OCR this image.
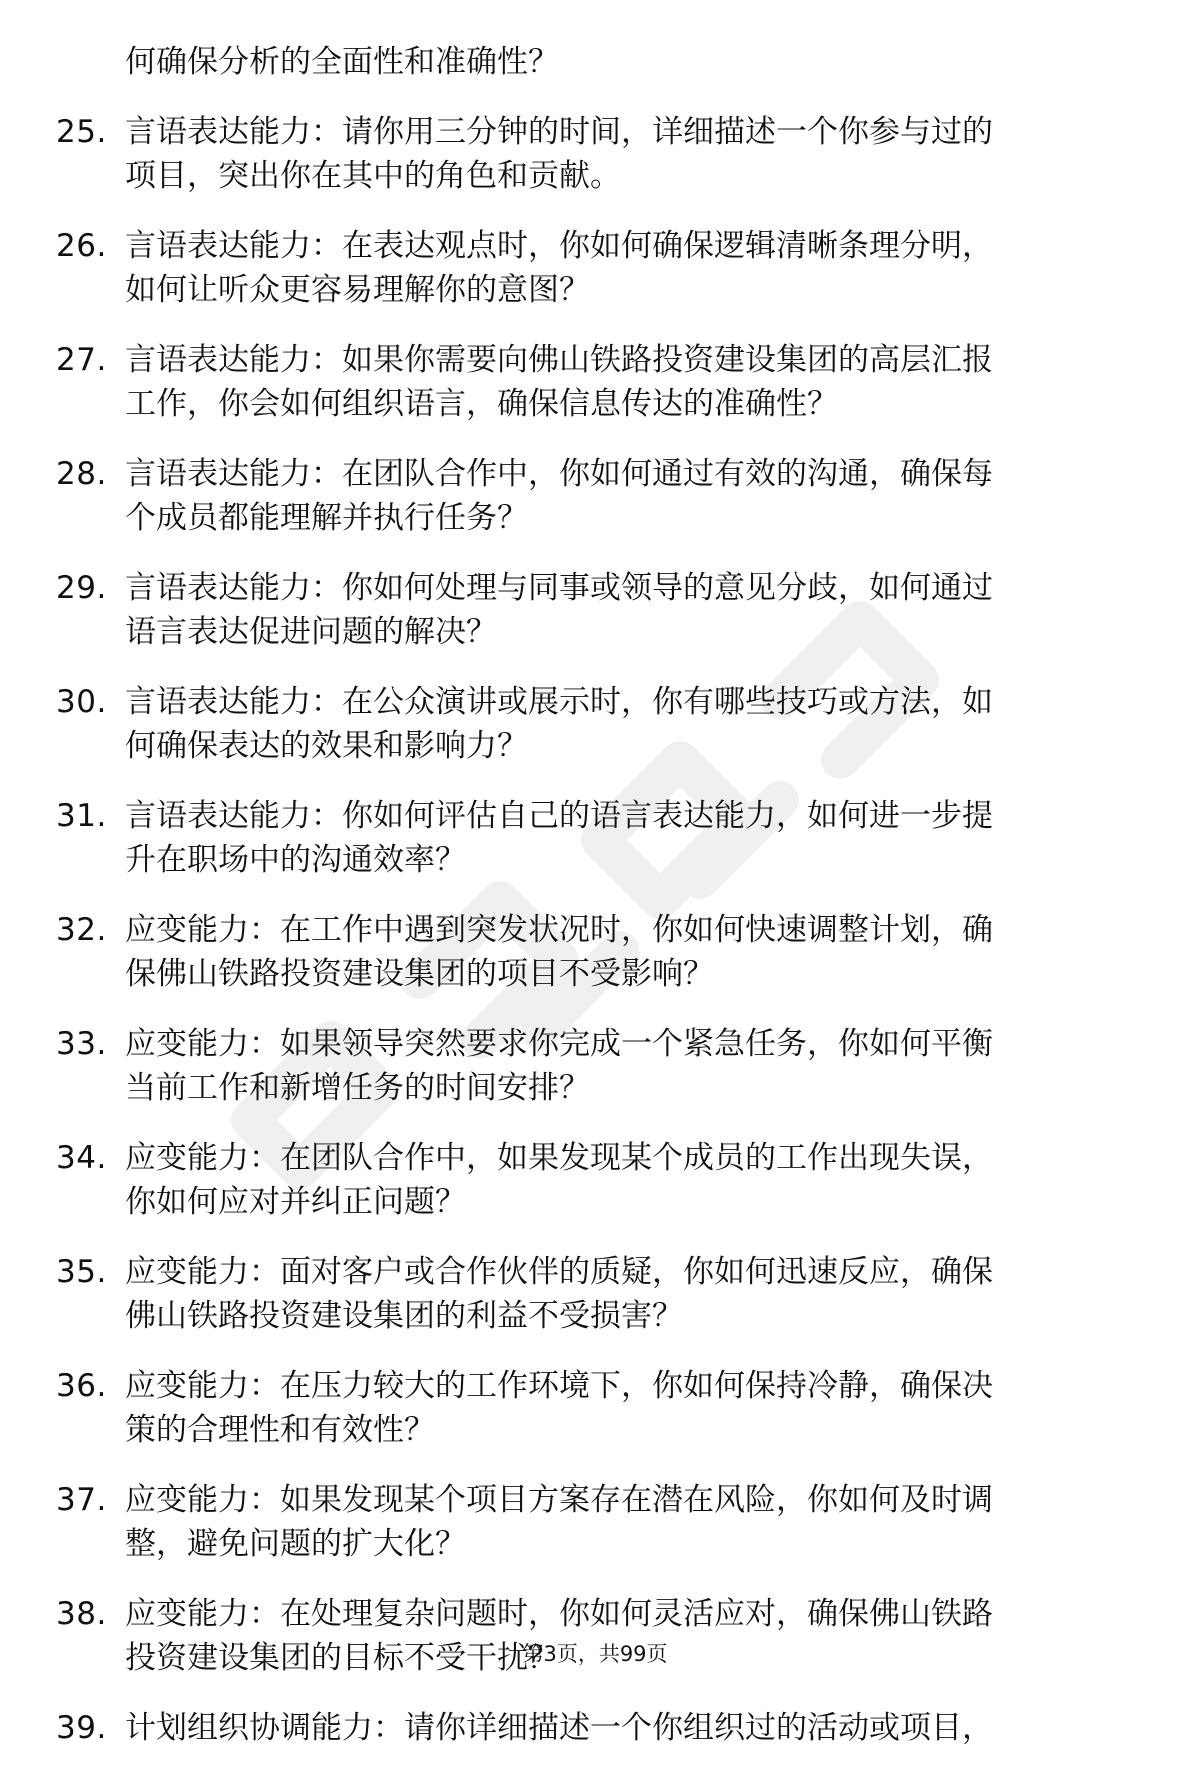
何确保分析的全面性和准确性？
25. 言语表达能力：请你用三分钟的时间，详细描述一个你参与过的
项目，突出你在其中的角色和贡献。
26. 言语表达能力：在表达观点时，你如何确保逻辑清晰条理分明，
如何让听众更容易理解你的意图？
27. 言语表达能力：如果你需要向佛山铁路投资建设集团的高层汇报
工作，你会如何组织语言，确保信息传达的准确性？
28. 言语表达能力：在团队合作中，你如何通过有效的沟通，确保每
个成员都能理解并执行任务？
29. 言语表达能力：你如何处理与同事或领导的意见分歧，如何通过
语言表达促进问题的解决？
30. 言语表达能力：在公众演讲或展示时，你有哪些技巧或方法，如
何确保表达的效果和影响力？
31. 言语表达能力：你如何评估自己的语言表达能力，如何进一步提
升在职场中的沟通效率？
32. 应变能力：在工作中遇到突发状况时，你如何快速调整计划，确
保佛山铁路投资建设集团的项目不受影响？
33. 应变能力：如果领导突然要求你完成一个紧急任务，你如何平衡
当前工作和新增任务的时间安排？
34. 应变能力：在团队合作中，如果发现某个成员的工作出现失误，
你如何应对并纠正问题？
35. 应变能力：面对客户或合作伙伴的质疑，你如何迅速反应，确保
佛山铁路投资建设集团的利益不受损害？
36. 应变能力：在压力较大的工作环境下，你如何保持冷静，确保决
策的合理性和有效性？
37. 应变能力：如果发现某个项目方案存在潜在风险，你如何及时调
整，避免问题的扩大化？
38. 应变能力：在处理复杂问题时，你如何灵活应对，确保佛山铁路
投资建设集团的目标不受干扰？
39. 计划组织协调能力：请你详细描述一个你组织过的活动或项目，
第3页，共99页
